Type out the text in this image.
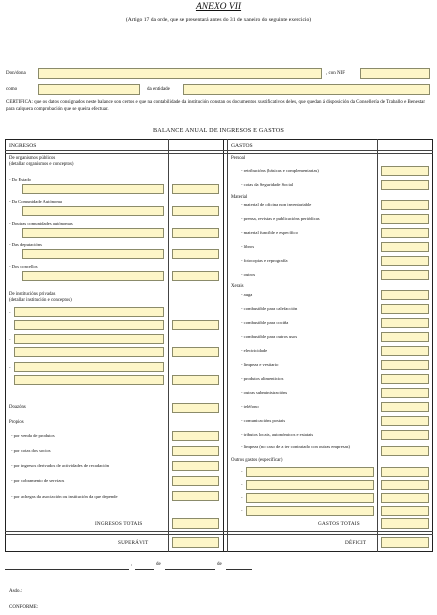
ANEXO VII
(Artigo 17 da orde, que se presentará antes do 31 de xaneiro do seguinte exercicio)
Don/dona	, con NIF
como	da entidade
CERTIFICA: que os datos consignados neste balance son certos e que na contabilidade da institución constan os documentos xustificativos deles, que quedan á disposición da Consellería de Traballo e Benestar para calquera comprobación que se queira efectuar.
BALANCE ANUAL DE INGRESOS E GASTOS
INGRESOS	GASTOS
De organismos públicos
(detallar organismos e conceptos)
- Do Estado
- Da Comunidade Autónoma
- Doutras comunidades autónomas
- Das deputacións
- Dos concellos
De institucións privadas
(detallar institución e conceptos)
-
-
-
Doazóns
Propios
- por venda de produtos
- por cotas dos socios
- por ingresos derivados de actividades de recadación
- por cobramento de servizos
- por achegas da asociación ou institución da que depende
INGRESOS TOTAIS
SUPERÁVIT
Persoal
- retribucións (básicas e complementarias)
- cotas da Seguridade Social
Material
- material de oficina non inventariable
- prensa, revistas e publicacións periódicas
- material funcible e específico
- libros
- fotocopias e reprografía
- outros
Xerais
- auga
- combustible para calefacción
- combustible para cociña
- combustible para outros usos
- electricidade
- limpeza e vestiario
- produtos alimenticios
- outras subministracións
- teléfono
- comunicacións postais
- tributos locais, autonómicos e estatais
- limpeza (no caso de a ter contratado con outras empresas)
Outros gastos (especificar)
-
-
-
-
GASTOS TOTAIS
DÉFICIT
,	de	de
Asdo.:
CONFORME:
